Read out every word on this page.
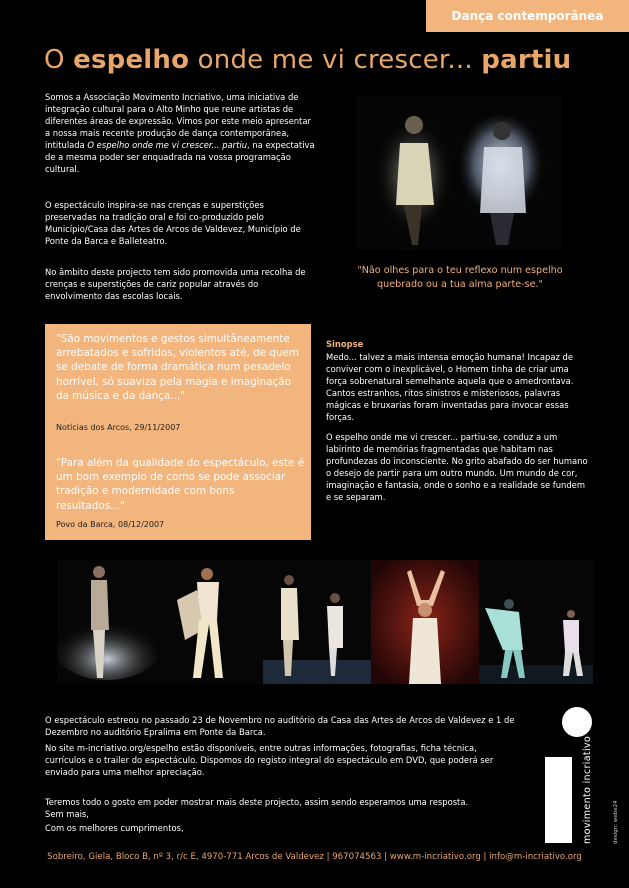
Dança contemporânea
O espelho onde me vi crescer... partiu

Somos a Associação Movimento Incriativo, uma iniciativa de integração cultural para o Alto Minho que reune artistas de diferentes áreas de expressão. Vimos por este meio apresentar a nossa mais recente produção de dança contemporânea, intitulada O espelho onde me vi crescer... partiu, na expectativa de a mesma poder ser enquadrada na vossa programação cultural.

O espectáculo inspira-se nas crenças e superstições preservadas na tradição oral e foi co-produzido pelo Município/Casa das Artes de Arcos de Valdevez, Município de Ponte da Barca e Balleteatro.

No âmbito deste projecto tem sido promovida uma recolha de crenças e superstições de cariz popular através do envolvimento das escolas locais.

"Não olhes para o teu reflexo num espelho quebrado ou a tua alma parte-se."
"São movimentos e gestos simultâneamente arrebatados e sofridos, violentos até, de quem se debate de forma dramática num pesadelo horrível, só suaviza pela magia e imaginação da música e da dança..."
Notícias dos Arcos, 29/11/2007
"Para além da qualidade do espectáculo, este é um bom exemplo de como se pode associar tradição e modernidade com bons resultados..."
Povo da Barca, 08/12/2007
Sinopse

Medo... talvez a mais intensa emoção humana! Incapaz de conviver com o inexplicável, o Homem tinha de criar uma força sobrenatural semelhante aquela que o amedrontava. Cantos estranhos, ritos sinistros e misteriosos, palavras mágicas e bruxarias foram inventadas para invocar essas forças.

O espelho onde me vi crescer... partiu-se, conduz a um labirinto de memórias fragmentadas que habitam nas profundezas do inconsciente. No grito abafado do ser humano o desejo de partir para um outro mundo. Um mundo de cor, imaginação e fantasia, onde o sonho e a realidade se fundem e se separam.

O espectáculo estreou no passado 23 de Novembro no auditório da Casa das Artes de Arcos de Valdevez e 1 de Dezembro no auditório Epralima em Ponte da Barca.

No site m-incriativo.org/espelho estão disponíveis, entre outras informações, fotografias, ficha técnica, currículos e o trailer do espectáculo. Dispomos do registo integral do espectáculo em DVD, que poderá ser enviado para uma melhor apreciação.

Teremos todo o gosto em poder mostrar mais deste projecto, assim sendo esperamos uma resposta.

Sem mais,

Com os melhores cumprimentos,	movimento incriativo	design: webe24
Sobreiro, Giela, Bloco B, nº 3, r/c E, 4970-771 Arcos de Valdevez | 967074563 | www.m-incriativo.org | info@m-incriativo.org
